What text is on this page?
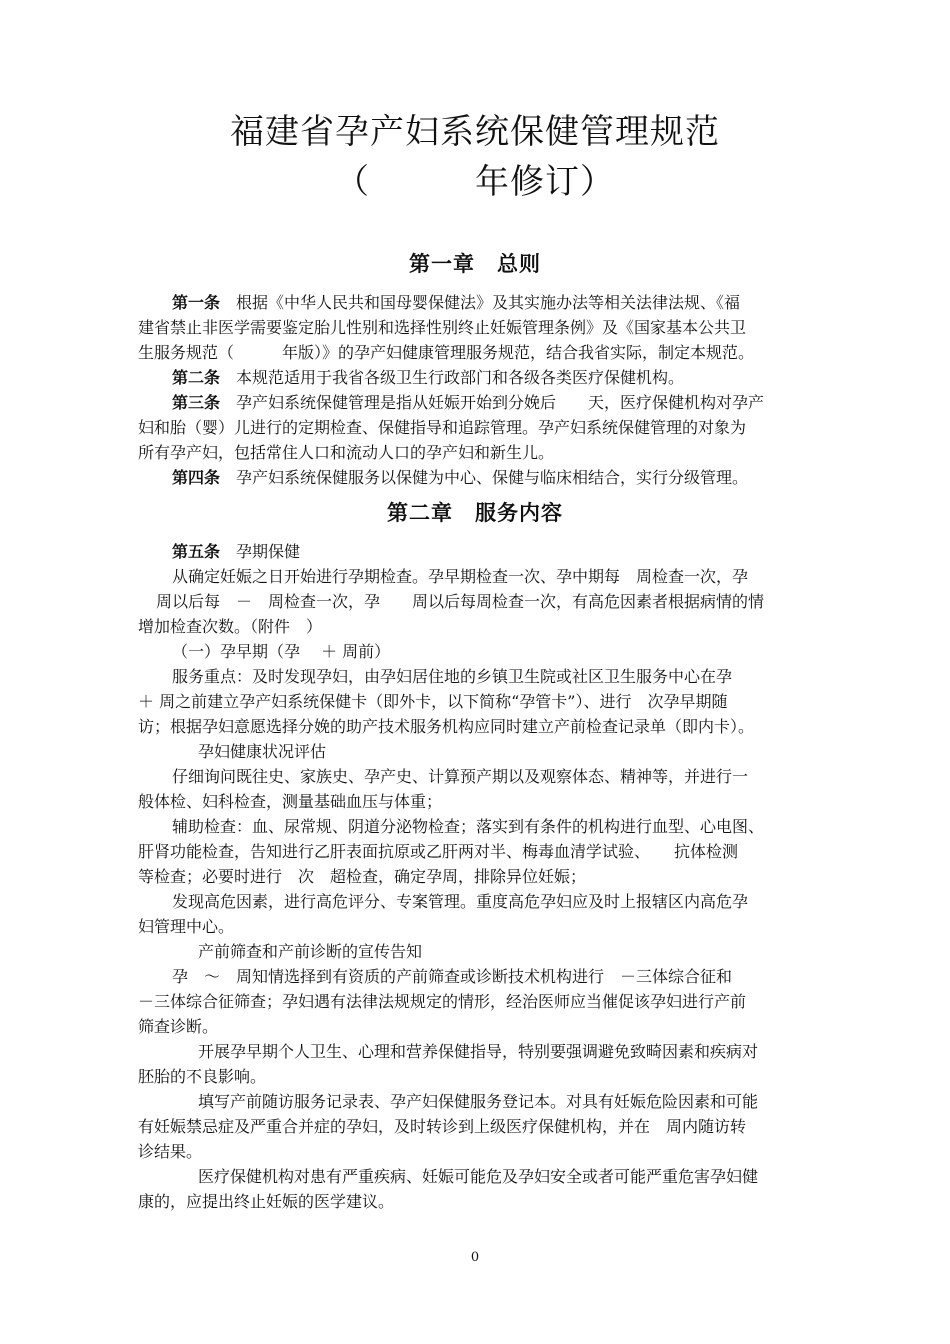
福建省孕产妇系统保健管理规范
（　　　年修订）
第一章　总则
第一条　根据《中华人民共和国母婴保健法》及其实施办法等相关法律法规、《福
建省禁止非医学需要鉴定胎儿性别和选择性别终止妊娠管理条例》及《国家基本公共卫
生服务规范（　　　年版）》的孕产妇健康管理服务规范，结合我省实际，制定本规范。
第二条　本规范适用于我省各级卫生行政部门和各级各类医疗保健机构。
第三条　孕产妇系统保健管理是指从妊娠开始到分娩后　　天，医疗保健机构对孕产
妇和胎（婴）儿进行的定期检查、保健指导和追踪管理。孕产妇系统保健管理的对象为
所有孕产妇，包括常住人口和流动人口的孕产妇和新生儿。
第四条　孕产妇系统保健服务以保健为中心、保健与临床相结合，实行分级管理。
第二章　服务内容
第五条　孕期保健
从确定妊娠之日开始进行孕期检查。孕早期检查一次、孕中期每　周检查一次，孕
周以后每　－　周检查一次，孕　　周以后每周检查一次，有高危因素者根据病情的情
增加检查次数。（附件　）
（一）孕早期（孕　 ＋ 周前）
服务重点：及时发现孕妇，由孕妇居住地的乡镇卫生院或社区卫生服务中心在孕
＋ 周之前建立孕产妇系统保健卡（即外卡，以下简称“孕管卡”）、进行　次孕早期随
访；根据孕妇意愿选择分娩的助产技术服务机构应同时建立产前检查记录单（即内卡）。
孕妇健康状况评估
仔细询问既往史、家族史、孕产史、计算预产期以及观察体态、精神等，并进行一
般体检、妇科检查，测量基础血压与体重；
辅助检查：血、尿常规、阴道分泌物检查；落实到有条件的机构进行血型、心电图、
肝肾功能检查，告知进行乙肝表面抗原或乙肝两对半、梅毒血清学试验、　　抗体检测
等检查；必要时进行　次　超检查，确定孕周，排除异位妊娠；
发现高危因素，进行高危评分、专案管理。重度高危孕妇应及时上报辖区内高危孕
妇管理中心。
产前筛查和产前诊断的宣传告知
孕　～　周知情选择到有资质的产前筛查或诊断技术机构进行　－三体综合征和
－三体综合征筛查；孕妇遇有法律法规规定的情形，经治医师应当催促该孕妇进行产前
筛查诊断。
开展孕早期个人卫生、心理和营养保健指导，特别要强调避免致畸因素和疾病对
胚胎的不良影响。
填写产前随访服务记录表、孕产妇保健服务登记本。对具有妊娠危险因素和可能
有妊娠禁忌症及严重合并症的孕妇，及时转诊到上级医疗保健机构，并在　周内随访转
诊结果。
医疗保健机构对患有严重疾病、妊娠可能危及孕妇安全或者可能严重危害孕妇健
康的，应提出终止妊娠的医学建议。
0
